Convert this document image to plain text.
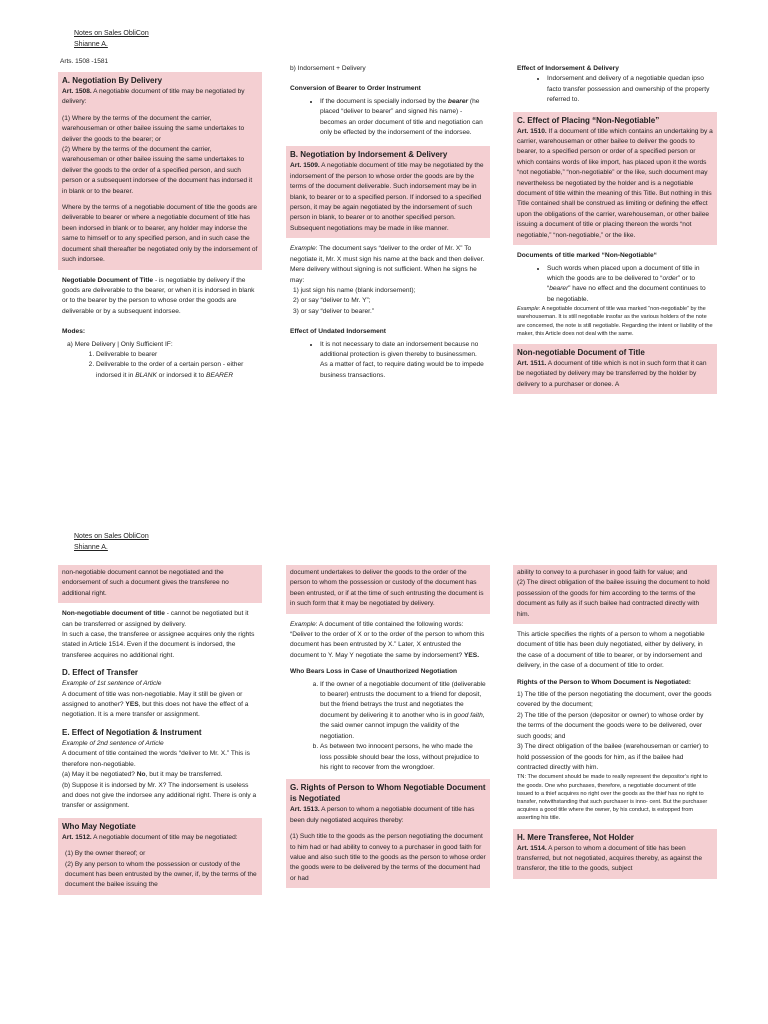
Notes on Sales ObliCon
Shianne A.
Arts. 1508 -1581
A. Negotiation By Delivery

Art. 1508. A negotiable document of title may be negotiated by delivery:

(1) Where by the terms of the document the carrier, warehouseman or other bailee issuing the same undertakes to deliver the goods to the bearer; or

(2) Where by the terms of the document the carrier, warehouseman or other bailee issuing the same undertakes to deliver the goods to the order of a specified person, and such person or a subsequent indorsee of the document has indorsed it in blank or to the bearer.

Where by the terms of a negotiable document of title the goods are deliverable to bearer or where a negotiable document of title has been indorsed in blank or to bearer, any holder may indorse the same to himself or to any specified person, and in such case the document shall thereafter be negotiated only by the indorsement of such indorsee.

Negotiable Document of Title - is negotiable by delivery if the goods are deliverable to the bearer, or when it is indorsed in blank or to the bearer by the person to whose order the goods are deliverable or by a subsequent indorsee.

Modes:
a) Mere Delivery | Only Sufficient IF:
1. Deliverable to bearer
2. Deliverable to the order of a certain person - either indorsed it in BLANK or indorsed it to BEARER

b) Indorsement + Delivery

Conversion of Bearer to Order Instrument
• If the document is specially indorsed by the bearer (he placed “deliver to bearer” and signed his name) - becomes an order document of title and negotiation can only be effected by the indorsement of the indorsee.
B. Negotiation by Indorsement & Delivery

Art. 1509. A negotiable document of title may be negotiated by the indorsement of the person to whose order the goods are by the terms of the document deliverable. Such indorsement may be in blank, to bearer or to a specified person. If indorsed to a specified person, it may be again negotiated by the indorsement of such person in blank, to bearer or to another specified person. Subsequent negotiations may be made in like manner.

Example: The document says “deliver to the order of Mr. X” To negotiate it, Mr. X must sign his name at the back and then deliver. Mere delivery without signing is not sufficient. When he signs he may:

1) just sign his name (blank indorsement);
2) or say “deliver to Mr. Y”;
3) or say “deliver to bearer.”
Effect of Undated Indorsement
• It is not necessary to date an indorsement because no additional protection is given thereby to businessmen. As a matter of fact, to require dating would be to impede business transactions.
Effect of Indorsement & Delivery
• Indorsement and delivery of a negotiable quedan ipso facto transfer possession and ownership of the property referred to.
C. Effect of Placing “Non-Negotiable”

Art. 1510. If a document of title which contains an undertaking by a carrier, warehouseman or other bailee to deliver the goods to bearer, to a specified person or order of a specified person or which contains words of like import, has placed upon it the words “not negotiable,” “non-negotiable” or the like, such document may nevertheless be negotiated by the holder and is a negotiable document of title within the meaning of this Title. But nothing in this Title contained shall be construed as limiting or defining the effect upon the obligations of the carrier, warehouseman, or other bailee issuing a document of title or placing thereon the words “not negotiable,” “non-negotiable,” or the like.

Documents of title marked “Non-Negotiable“
• Such words when placed upon a document of title in which the goods are to be delivered to “order” or to “bearer” have no effect and the document continues to be negotiable.

Example: A negotiable document of title was marked “non-negotiable” by the warehouseman. It is still negotiable insofar as the various holders of the note are concerned, the note is still negotiable. Regarding the intent or liability of the maker, this Article does not deal with the same.

Non-negotiable Document of Title

Art. 1511. A document of title which is not in such form that it can be negotiated by delivery may be transferred by the holder by delivery to a purchaser or donee. A

Notes on Sales ObliCon
Shianne A.

non-negotiable document cannot be negotiated and the endorsement of such a document gives the transferee no additional right.

Non-negotiable document of title - cannot be negotiated but it can be transferred or assigned by delivery.

In such a case, the transferee or assignee acquires only the rights stated in Article 1514. Even if the document is indorsed, the transferee acquires no additional right.

D. Effect of Transfer

Example of 1st sentence of Article

A document of title was non-negotiable. May it still be given or assigned to another? YES, but this does not have the effect of a negotiation. It is a mere transfer or assignment.

E. Effect of Negotiation & Instrument

Example of 2nd sentence of Article

A document of title contained the words “deliver to Mr. X.” This is therefore non-negotiable.

(a) May it be negotiated? No, but it may be transferred.

(b) Suppose it is indorsed by Mr. X? The indorsement is useless and does not give the indorsee any additional right. There is only a transfer or assignment.

Who May Negotiate

Art. 1512. A negotiable document of title may be negotiated:

(1) By the owner thereof; or

(2) By any person to whom the possession or custody of the document has been entrusted by the owner, if, by the terms of the document the bailee issuing the

document undertakes to deliver the goods to the order of the person to whom the possession or custody of the document has been entrusted, or if at the time of such entrusting the document is in such form that it may be negotiated by delivery.

Example: A document of title contained the following words: “Deliver to the order of X or to the order of the person to whom this document has been entrusted by X.” Later, X entrusted the document to Y. May Y negotiate the same by indorsement? YES.

Who Bears Loss in Case of Unauthorized Negotiation
a. If the owner of a negotiable document of title (deliverable to bearer) entrusts the document to a friend for deposit, but the friend betrays the trust and negotiates the document by delivering it to another who is in good faith, the said owner cannot impugn the validity of the negotiation.
b. As between two innocent persons, he who made the loss possible should bear the loss, without prejudice to his right to recover from the wrongdoer.
G. Rights of Person to Whom Negotiable Document is Negotiated

Art. 1513. A person to whom a negotiable document of title has been duly negotiated acquires thereby:

(1) Such title to the goods as the person negotiating the document to him had or had ability to convey to a purchaser in good faith for value and also such title to the goods as the person to whose order the goods were to be delivered by the terms of the document had or had

ability to convey to a purchaser in good faith for value; and

(2) The direct obligation of the bailee issuing the document to hold possession of the goods for him according to the terms of the document as fully as if such bailee had contracted directly with him.

This article specifies the rights of a person to whom a negotiable document of title has been duly negotiated, either by delivery, in the case of a document of title to bearer, or by indorsement and delivery, in the case of a document of title to order.

Rights of the Person to Whom Document is Negotiated:

1) The title of the person negotiating the document, over the goods covered by the document;

2) The title of the person (depositor or owner) to whose order by the terms of the document the goods were to be delivered, over such goods; and

3) The direct obligation of the bailee (warehouseman or carrier) to hold possession of the goods for him, as if the bailee had contracted directly with him.

TN: The document should be made to really represent the depositor’s right to the goods. One who purchases, therefore, a negotiable document of title issued to a thief acquires no right over the goods as the thief has no right to transfer, notwithstanding that such purchaser is inno- cent. But the purchaser acquires a good title where the owner, by his conduct, is estopped from asserting his title.

H. Mere Transferee, Not Holder

Art. 1514. A person to whom a document of title has been transferred, but not negotiated, acquires thereby, as against the transferor, the title to the goods, subject
